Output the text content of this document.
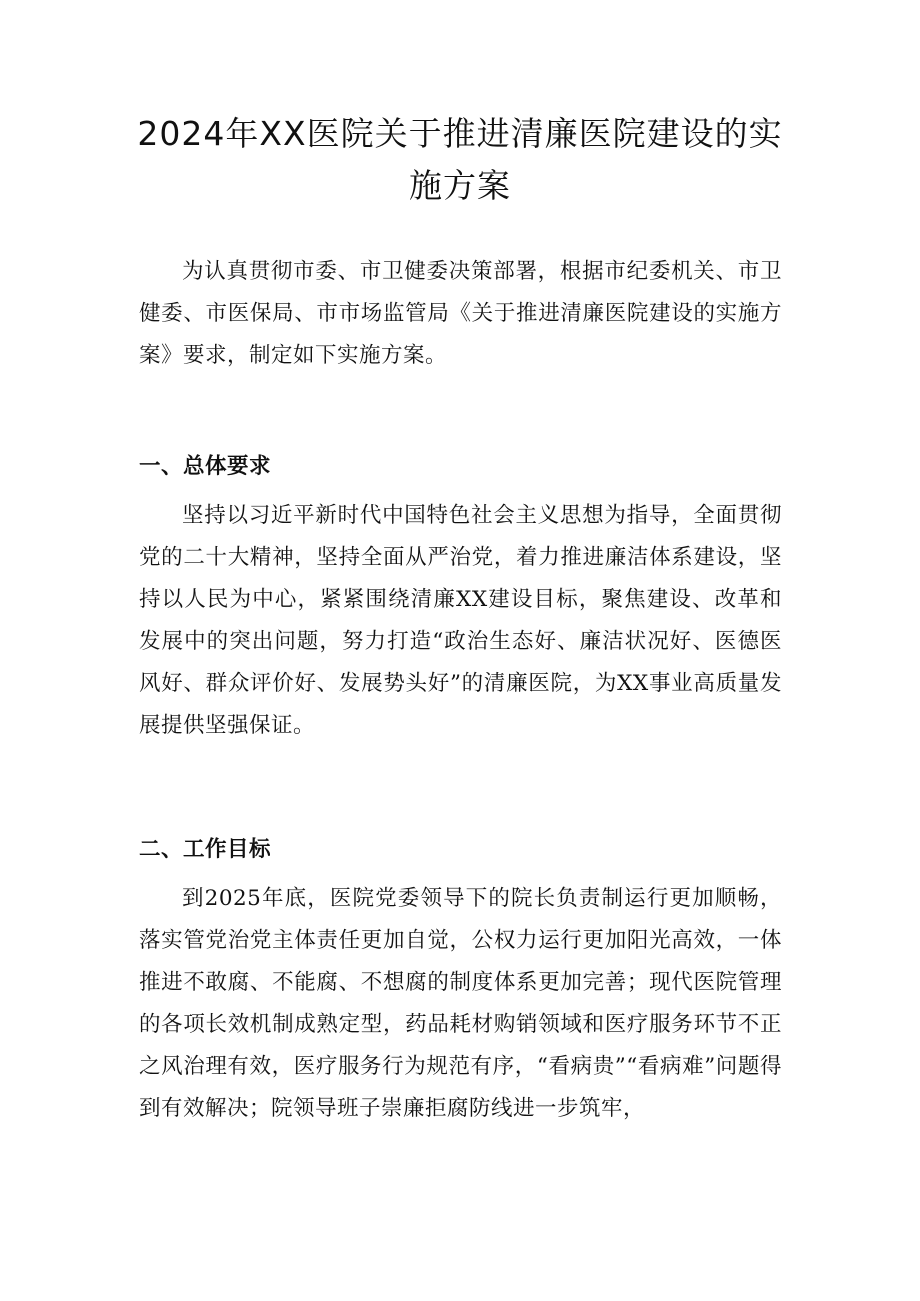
2024年XX医院关于推进清廉医院建设的实施方案

为认真贯彻市委、市卫健委决策部署，根据市纪委机关、市卫健委、市医保局、市市场监管局《关于推进清廉医院建设的实施方案》要求，制定如下实施方案。

一、总体要求

坚持以习近平新时代中国特色社会主义思想为指导，全面贯彻党的二十大精神，坚持全面从严治党，着力推进廉洁体系建设，坚持以人民为中心，紧紧围绕清廉XX建设目标，聚焦建设、改革和发展中的突出问题，努力打造“政治生态好、廉洁状况好、医德医风好、群众评价好、发展势头好”的清廉医院，为XX事业高质量发展提供坚强保证。

二、工作目标

到2025年底，医院党委领导下的院长负责制运行更加顺畅，落实管党治党主体责任更加自觉，公权力运行更加阳光高效，一体推进不敢腐、不能腐、不想腐的制度体系更加完善；现代医院管理的各项长效机制成熟定型，药品耗材购销领域和医疗服务环节不正之风治理有效，医疗服务行为规范有序，“看病贵”“看病难”问题得到有效解决；院领导班子崇廉拒腐防线进一步筑牢，
